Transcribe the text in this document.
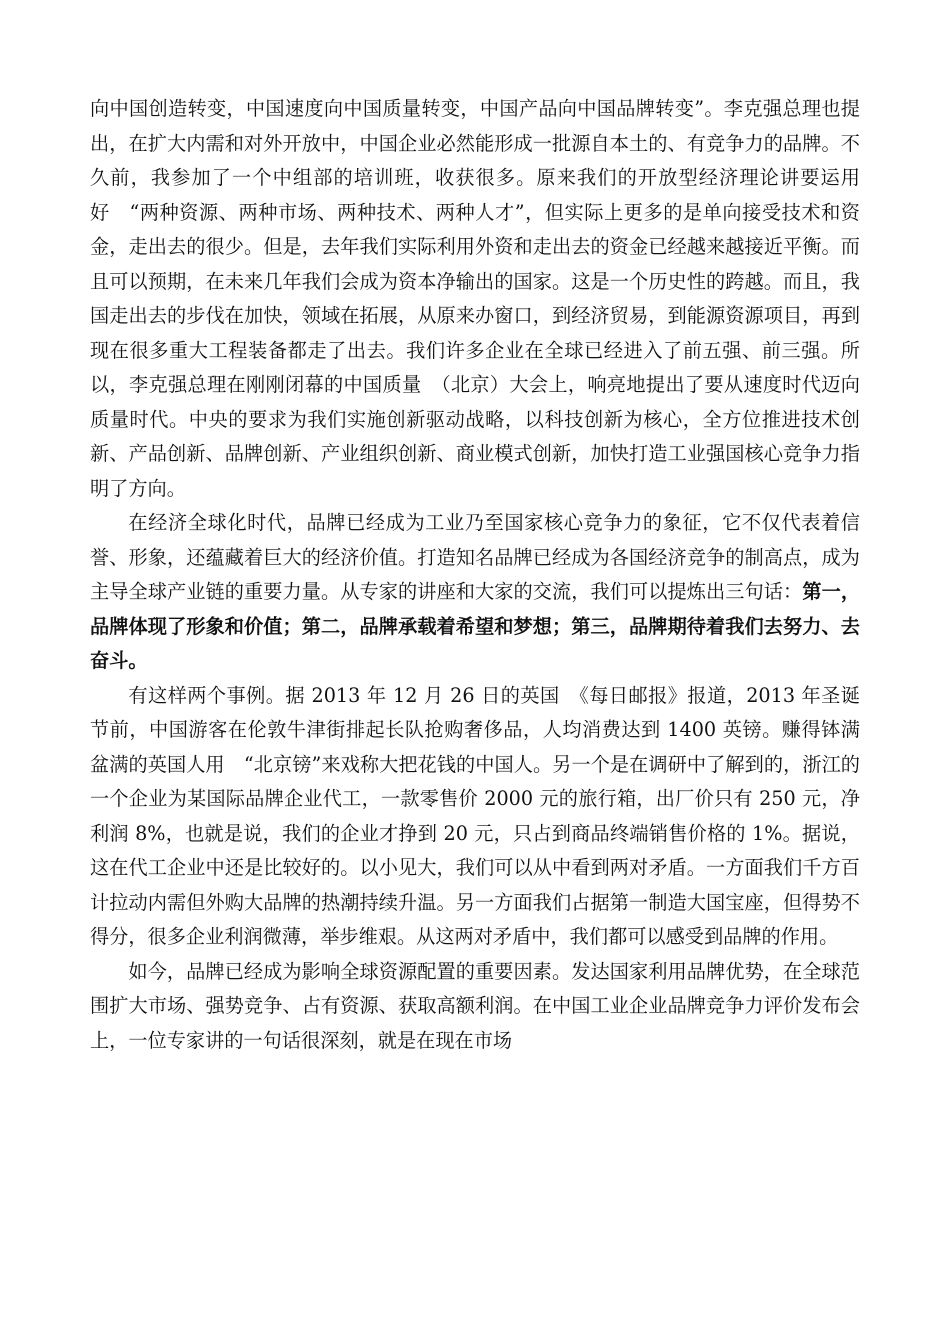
向中国创造转变，中国速度向中国质量转变，中国产品向中国品牌转变”。李克强总理也提出，在扩大内需和对外开放中，中国企业必然能形成一批源自本土的、有竞争力的品牌。不久前，我参加了一个中组部的培训班，收获很多。原来我们的开放型经济理论讲要运用好　“两种资源、两种市场、两种技术、两种人才”，但实际上更多的是单向接受技术和资金，走出去的很少。但是，去年我们实际利用外资和走出去的资金已经越来越接近平衡。而且可以预期，在未来几年我们会成为资本净输出的国家。这是一个历史性的跨越。而且，我国走出去的步伐在加快，领域在拓展，从原来办窗口，到经济贸易，到能源资源项目，再到现在很多重大工程装备都走了出去。我们许多企业在全球已经进入了前五强、前三强。所以，李克强总理在刚刚闭幕的中国质量　（北京）大会上，响亮地提出了要从速度时代迈向质量时代。中央的要求为我们实施创新驱动战略，以科技创新为核心，全方位推进技术创新、产品创新、品牌创新、产业组织创新、商业模式创新，加快打造工业强国核心竞争力指明了方向。

在经济全球化时代，品牌已经成为工业乃至国家核心竞争力的象征，它不仅代表着信誉、形象，还蕴藏着巨大的经济价值。打造知名品牌已经成为各国经济竞争的制高点，成为主导全球产业链的重要力量。从专家的讲座和大家的交流，我们可以提炼出三句话：第一，品牌体现了形象和价值；第二，品牌承载着希望和梦想；第三，品牌期待着我们去努力、去奋斗。

有这样两个事例。据 2013 年 12 月 26 日的英国　《每日邮报》报道，2013 年圣诞节前，中国游客在伦敦牛津街排起长队抢购奢侈品，人均消费达到 1400 英镑。赚得钵满盆满的英国人用　“北京镑”来戏称大把花钱的中国人。另一个是在调研中了解到的，浙江的一个企业为某国际品牌企业代工，一款零售价 2000 元的旅行箱，出厂价只有 250 元，净利润 8%，也就是说，我们的企业才挣到 20 元，只占到商品终端销售价格的 1%。据说，这在代工企业中还是比较好的。以小见大，我们可以从中看到两对矛盾。一方面我们千方百计拉动内需但外购大品牌的热潮持续升温。另一方面我们占据第一制造大国宝座，但得势不得分，很多企业利润微薄，举步维艰。从这两对矛盾中，我们都可以感受到品牌的作用。

如今，品牌已经成为影响全球资源配置的重要因素。发达国家利用品牌优势，在全球范围扩大市场、强势竞争、占有资源、获取高额利润。在中国工业企业品牌竞争力评价发布会上，一位专家讲的一句话很深刻，就是在现在市场
